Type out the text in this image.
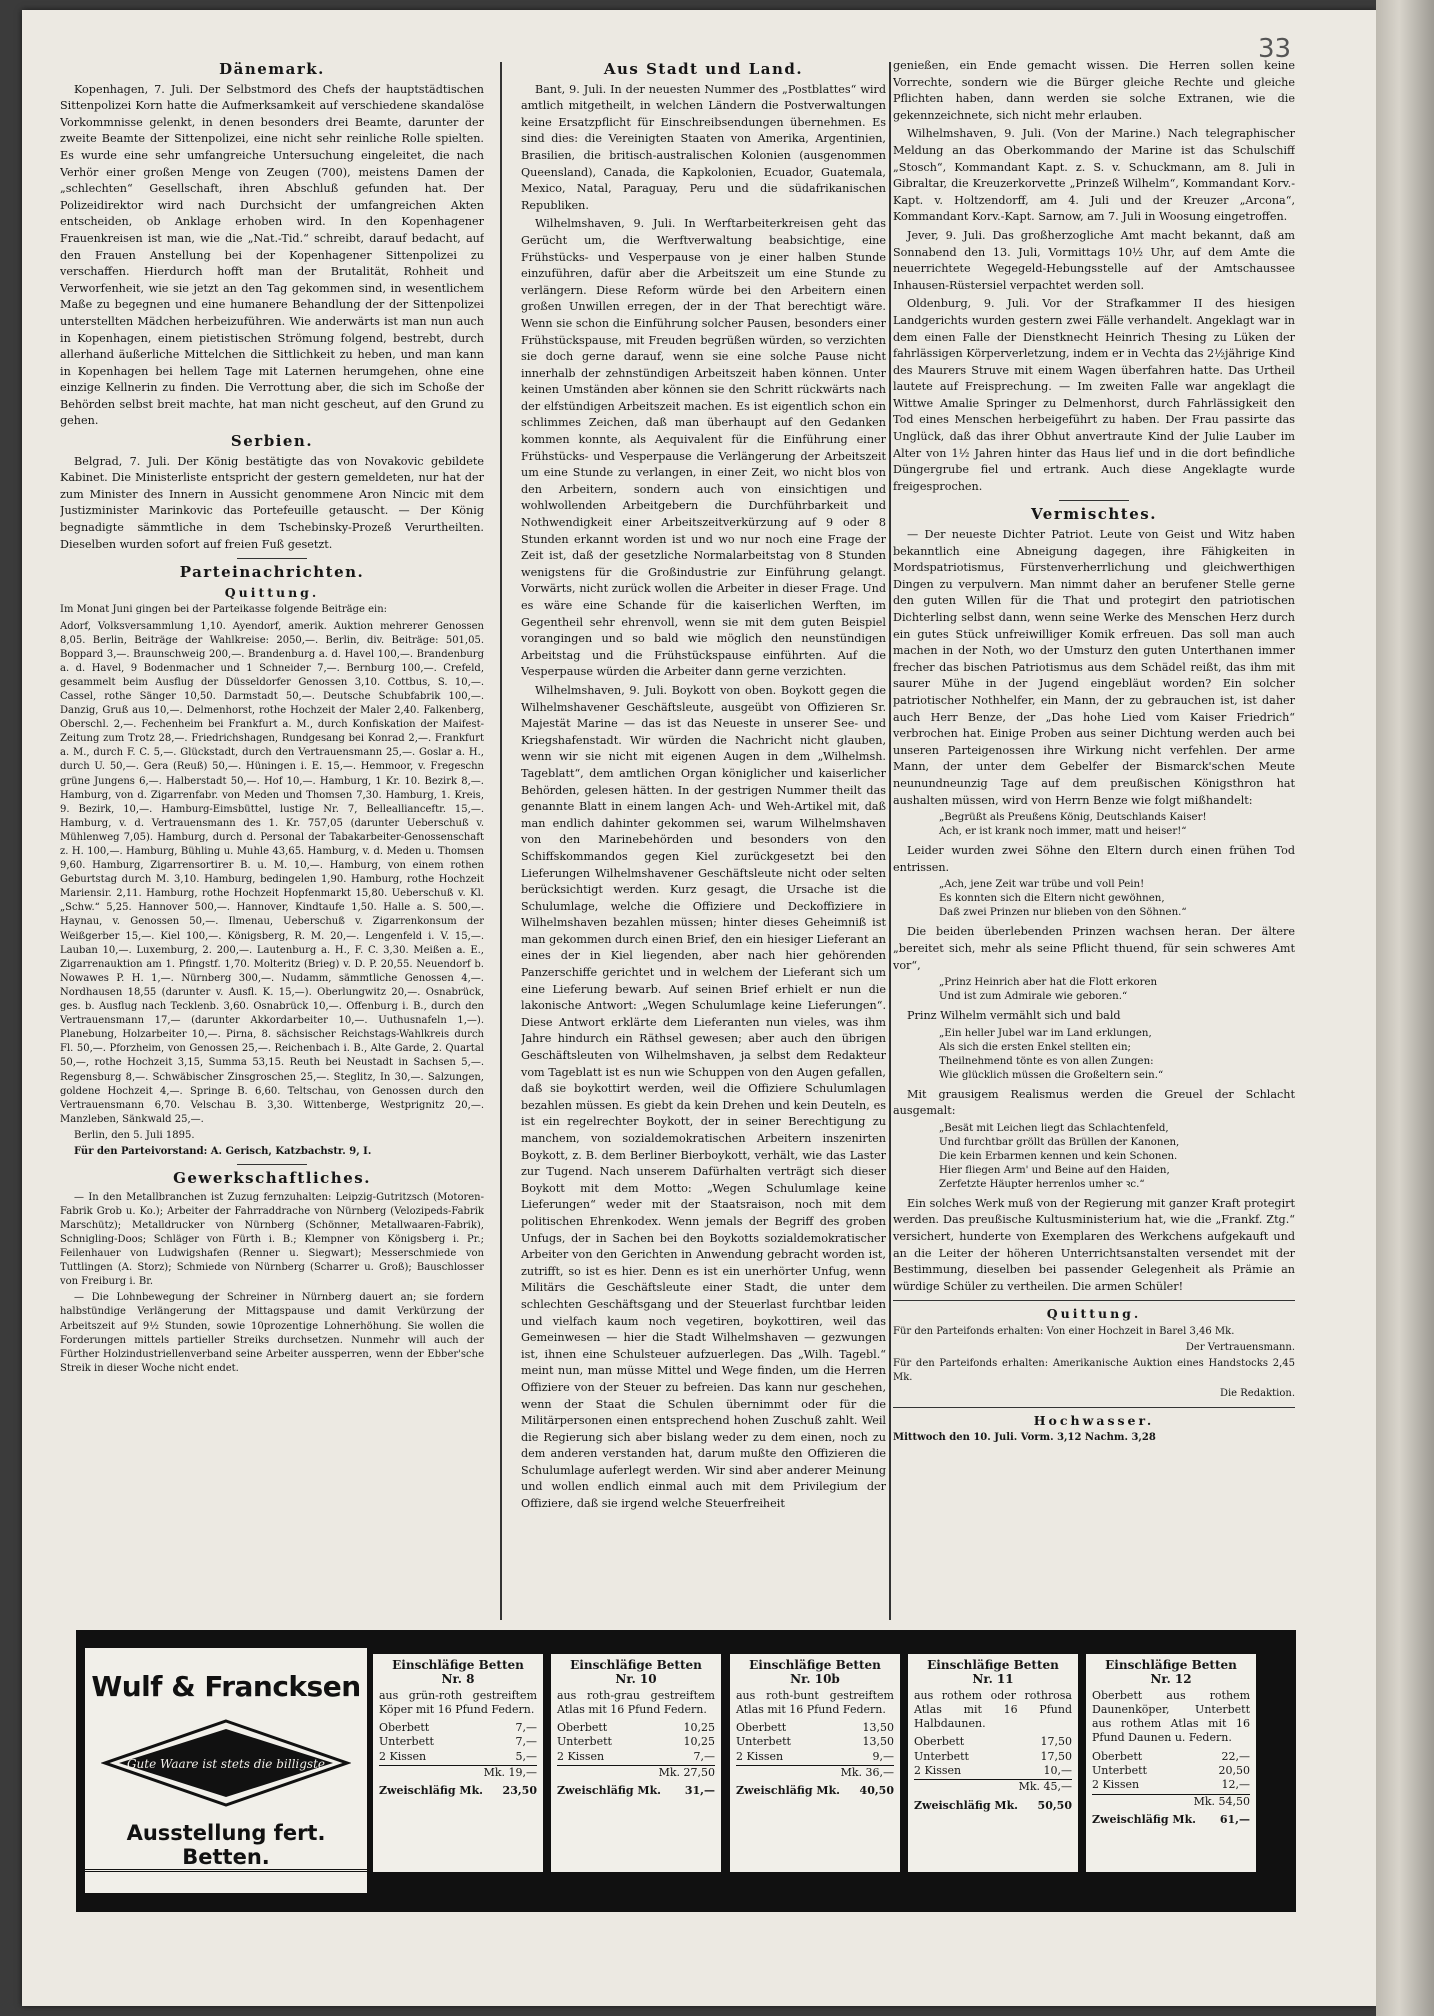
33
Dänemark.

Kopenhagen, 7. Juli. Der Selbstmord des Chefs der hauptstädtischen Sittenpolizei Korn hatte die Aufmerksamkeit auf verschiedene skandalöse Vorkommnisse gelenkt, in denen besonders drei Beamte, darunter der zweite Beamte der Sittenpolizei, eine nicht sehr reinliche Rolle spielten. Es wurde eine sehr umfangreiche Untersuchung eingeleitet, die nach Verhör einer großen Menge von Zeugen (700), meistens Damen der „schlechten“ Gesellschaft, ihren Abschluß gefunden hat. Der Polizeidirektor wird nach Durchsicht der umfangreichen Akten entscheiden, ob Anklage erhoben wird. In den Kopenhagener Frauenkreisen ist man, wie die „Nat.-Tid.“ schreibt, darauf bedacht, auf den Frauen Anstellung bei der Kopenhagener Sittenpolizei zu verschaffen. Hierdurch hofft man der Brutalität, Rohheit und Verworfenheit, wie sie jetzt an den Tag gekommen sind, in wesentlichem Maße zu begegnen und eine humanere Behandlung der der Sittenpolizei unterstellten Mädchen herbeizuführen. Wie anderwärts ist man nun auch in Kopenhagen, einem pietistischen Strömung folgend, bestrebt, durch allerhand äußerliche Mittelchen die Sittlichkeit zu heben, und man kann in Kopenhagen bei hellem Tage mit Laternen herumgehen, ohne eine einzige Kellnerin zu finden. Die Verrottung aber, die sich im Schoße der Behörden selbst breit machte, hat man nicht gescheut, auf den Grund zu gehen.

Serbien.

Belgrad, 7. Juli. Der König bestätigte das von Novakovic gebildete Kabinet. Die Ministerliste entspricht der gestern gemeldeten, nur hat der zum Minister des Innern in Aussicht genommene Aron Nincic mit dem Justizminister Marinkovic das Portefeuille getauscht. — Der König begnadigte sämmtliche in dem Tschebinsky-Prozeß Verurtheilten. Dieselben wurden sofort auf freien Fuß gesetzt.

Parteinachrichten.
Quittung.

Im Monat Juni gingen bei der Parteikasse folgende Beiträge ein:

Adorf, Volksversammlung 1,10. Ayendorf, amerik. Auktion mehrerer Genossen 8,05. Berlin, Beiträge der Wahlkreise: 2050,—. Berlin, div. Beiträge: 501,05. Boppard 3,—. Braunschweig 200,—. Brandenburg a. d. Havel 100,—. Brandenburg a. d. Havel, 9 Bodenmacher und 1 Schneider 7,—. Bernburg 100,—. Crefeld, gesammelt beim Ausflug der Düsseldorfer Genossen 3,10. Cottbus, S. 10,—. Cassel, rothe Sänger 10,50. Darmstadt 50,—. Deutsche Schubfabrik 100,—. Danzig, Gruß aus 10,—. Delmenhorst, rothe Hochzeit der Maler 2,40. Falkenberg, Oberschl. 2,—. Fechenheim bei Frankfurt a. M., durch Konfiskation der Maifest-Zeitung zum Trotz 28,—. Friedrichshagen, Rundgesang bei Konrad 2,—. Frankfurt a. M., durch F. C. 5,—. Glückstadt, durch den Vertrauensmann 25,—. Goslar a. H., durch U. 50,—. Gera (Reuß) 50,—. Hüningen i. E. 15,—. Hemmoor, v. Fregeschn grüne Jungens 6,—. Halberstadt 50,—. Hof 10,—. Hamburg, 1 Kr. 10. Bezirk 8,—. Hamburg, von d. Zigarrenfabr. von Meden und Thomsen 7,30. Hamburg, 1. Kreis, 9. Bezirk, 10,—. Hamburg-Eimsbüttel, lustige Nr. 7, Belleallianceftr. 15,—. Hamburg, v. d. Vertrauensmann des 1. Kr. 757,05 (darunter Ueberschuß v. Mühlenweg 7,05). Hamburg, durch d. Personal der Tabakarbeiter-Genossenschaft z. H. 100,—. Hamburg, Bühling u. Muhle 43,65. Hamburg, v. d. Meden u. Thomsen 9,60. Hamburg, Zigarrensortirer B. u. M. 10,—. Hamburg, von einem rothen Geburtstag durch M. 3,10. Hamburg, bedingelen 1,90. Hamburg, rothe Hochzeit Mariensir. 2,11. Hamburg, rothe Hochzeit Hopfenmarkt 15,80. Ueberschuß v. Kl. „Schw.“ 5,25. Hannover 500,—. Hannover, Kindtaufe 1,50. Halle a. S. 500,—. Haynau, v. Genossen 50,—. Ilmenau, Ueberschuß v. Zigarrenkonsum der Weißgerber 15,—. Kiel 100,—. Königsberg, R. M. 20,—. Lengenfeld i. V. 15,—. Lauban 10,—. Luxemburg, 2. 200,—. Lautenburg a. H., F. C. 3,30. Meißen a. E., Zigarrenauktion am 1. Pfingstf. 1,70. Molteritz (Brieg) v. D. P. 20,55. Neuendorf b. Nowawes P. H. 1,—. Nürnberg 300,—. Nudamm, sämmtliche Genossen 4,—. Nordhausen 18,55 (darunter v. Ausfl. K. 15,—). Oberlungwitz 20,—. Osnabrück, ges. b. Ausflug nach Tecklenb. 3,60. Osnabrück 10,—. Offenburg i. B., durch den Vertrauensmann 17,— (darunter Akkordarbeiter 10,—. Uuthusnafeln 1,—). Planebung, Holzarbeiter 10,—. Pirna, 8. sächsischer Reichstags-Wahlkreis durch Fl. 50,—. Pforzheim, von Genossen 25,—. Reichenbach i. B., Alte Garde, 2. Quartal 50,—, rothe Hochzeit 3,15, Summa 53,15. Reuth bei Neustadt in Sachsen 5,—. Regensburg 8,—. Schwäbischer Zinsgroschen 25,—. Steglitz, In 30,—. Salzungen, goldene Hochzeit 4,—. Springe B. 6,60. Teltschau, von Genossen durch den Vertrauensmann 6,70. Velschau B. 3,30. Wittenberge, Westprignitz 20,—. Manzleben, Sänkwald 25,—.

Berlin, den 5. Juli 1895.

Für den Parteivorstand: A. Gerisch, Katzbachstr. 9, I.

Gewerkschaftliches.

— In den Metallbranchen ist Zuzug fernzuhalten: Leipzig-Gutritzsch (Motoren-Fabrik Grob u. Ko.); Arbeiter der Fahrraddrache von Nürnberg (Velozipeds-Fabrik Marschütz); Metalldrucker von Nürnberg (Schönner, Metallwaaren-Fabrik), Schnigling-Doos; Schläger von Fürth i. B.; Klempner von Königsberg i. Pr.; Feilenhauer von Ludwigshafen (Renner u. Siegwart); Messerschmiede von Tuttlingen (A. Storz); Schmiede von Nürnberg (Scharrer u. Groß); Bauschlosser von Freiburg i. Br.

— Die Lohnbewegung der Schreiner in Nürnberg dauert an; sie fordern halbstündige Verlängerung der Mittagspause und damit Verkürzung der Arbeitszeit auf 9½ Stunden, sowie 10prozentige Lohnerhöhung. Sie wollen die Forderungen mittels partieller Streiks durchsetzen. Nunmehr will auch der Fürther Holzindustriellenverband seine Arbeiter aussperren, wenn der Ebber'sche Streik in dieser Woche nicht endet.

Aus Stadt und Land.

Bant, 9. Juli. In der neuesten Nummer des „Postblattes“ wird amtlich mitgetheilt, in welchen Ländern die Postverwaltungen keine Ersatzpflicht für Einschreibsendungen übernehmen. Es sind dies: die Vereinigten Staaten von Amerika, Argentinien, Brasilien, die britisch-australischen Kolonien (ausgenommen Queensland), Canada, die Kapkolonien, Ecuador, Guatemala, Mexico, Natal, Paraguay, Peru und die südafrikanischen Republiken.

Wilhelmshaven, 9. Juli. In Werftarbeiterkreisen geht das Gerücht um, die Werftverwaltung beabsichtige, eine Frühstücks- und Vesperpause von je einer halben Stunde einzuführen, dafür aber die Arbeitszeit um eine Stunde zu verlängern. Diese Reform würde bei den Arbeitern einen großen Unwillen erregen, der in der That berechtigt wäre. Wenn sie schon die Einführung solcher Pausen, besonders einer Frühstückspause, mit Freuden begrüßen würden, so verzichten sie doch gerne darauf, wenn sie eine solche Pause nicht innerhalb der zehnstündigen Arbeitszeit haben können. Unter keinen Umständen aber können sie den Schritt rückwärts nach der elfstündigen Arbeitszeit machen. Es ist eigentlich schon ein schlimmes Zeichen, daß man überhaupt auf den Gedanken kommen konnte, als Aequivalent für die Einführung einer Frühstücks- und Vesperpause die Verlängerung der Arbeitszeit um eine Stunde zu verlangen, in einer Zeit, wo nicht blos von den Arbeitern, sondern auch von einsichtigen und wohlwollenden Arbeitgebern die Durchführbarkeit und Nothwendigkeit einer Arbeitszeitverkürzung auf 9 oder 8 Stunden erkannt worden ist und wo nur noch eine Frage der Zeit ist, daß der gesetzliche Normalarbeitstag von 8 Stunden wenigstens für die Großindustrie zur Einführung gelangt. Vorwärts, nicht zurück wollen die Arbeiter in dieser Frage. Und es wäre eine Schande für die kaiserlichen Werften, im Gegentheil sehr ehrenvoll, wenn sie mit dem guten Beispiel vorangingen und so bald wie möglich den neunstündigen Arbeitstag und die Frühstückspause einführten. Auf die Vesperpause würden die Arbeiter dann gerne verzichten.

Wilhelmshaven, 9. Juli. Boykott von oben. Boykott gegen die Wilhelmshavener Geschäftsleute, ausgeübt von Offizieren Sr. Majestät Marine — das ist das Neueste in unserer See- und Kriegshafenstadt. Wir würden die Nachricht nicht glauben, wenn wir sie nicht mit eigenen Augen in dem „Wilhelmsh. Tageblatt“, dem amtlichen Organ königlicher und kaiserlicher Behörden, gelesen hätten. In der gestrigen Nummer theilt das genannte Blatt in einem langen Ach- und Weh-Artikel mit, daß man endlich dahinter gekommen sei, warum Wilhelmshaven von den Marinebehörden und besonders von den Schiffskommandos gegen Kiel zurückgesetzt bei den Lieferungen Wilhelmshavener Geschäftsleute nicht oder selten berücksichtigt werden. Kurz gesagt, die Ursache ist die Schulumlage, welche die Offiziere und Deckoffiziere in Wilhelmshaven bezahlen müssen; hinter dieses Geheimniß ist man gekommen durch einen Brief, den ein hiesiger Lieferant an eines der in Kiel liegenden, aber nach hier gehörenden Panzerschiffe gerichtet und in welchem der Lieferant sich um eine Lieferung bewarb. Auf seinen Brief erhielt er nun die lakonische Antwort: „Wegen Schulumlage keine Lieferungen“. Diese Antwort erklärte dem Lieferanten nun vieles, was ihm Jahre hindurch ein Räthsel gewesen; aber auch den übrigen Geschäftsleuten von Wilhelmshaven, ja selbst dem Redakteur vom Tageblatt ist es nun wie Schuppen von den Augen gefallen, daß sie boykottirt werden, weil die Offiziere Schulumlagen bezahlen müssen. Es giebt da kein Drehen und kein Deuteln, es ist ein regelrechter Boykott, der in seiner Berechtigung zu manchem, von sozialdemokratischen Arbeitern inszenirten Boykott, z. B. dem Berliner Bierboykott, verhält, wie das Laster zur Tugend. Nach unserem Dafürhalten verträgt sich dieser Boykott mit dem Motto: „Wegen Schulumlage keine Lieferungen“ weder mit der Staatsraison, noch mit dem politischen Ehrenkodex. Wenn jemals der Begriff des groben Unfugs, der in Sachen bei den Boykotts sozialdemokratischer Arbeiter von den Gerichten in Anwendung gebracht worden ist, zutrifft, so ist es hier. Denn es ist ein unerhörter Unfug, wenn Militärs die Geschäftsleute einer Stadt, die unter dem schlechten Geschäftsgang und der Steuerlast furchtbar leiden und vielfach kaum noch vegetiren, boykottiren, weil das Gemeinwesen — hier die Stadt Wilhelmshaven — gezwungen ist, ihnen eine Schulsteuer aufzuerlegen. Das „Wilh. Tagebl.“ meint nun, man müsse Mittel und Wege finden, um die Herren Offiziere von der Steuer zu befreien. Das kann nur geschehen, wenn der Staat die Schulen übernimmt oder für die Militärpersonen einen entsprechend hohen Zuschuß zahlt. Weil die Regierung sich aber bislang weder zu dem einen, noch zu dem anderen verstanden hat, darum mußte den Offizieren die Schulumlage auferlegt werden. Wir sind aber anderer Meinung und wollen endlich einmal auch mit dem Privilegium der Offiziere, daß sie irgend welche Steuerfreiheit

genießen, ein Ende gemacht wissen. Die Herren sollen keine Vorrechte, sondern wie die Bürger gleiche Rechte und gleiche Pflichten haben, dann werden sie solche Extranen, wie die gekennzeichnete, sich nicht mehr erlauben.

Wilhelmshaven, 9. Juli. (Von der Marine.) Nach telegraphischer Meldung an das Oberkommando der Marine ist das Schulschiff „Stosch“, Kommandant Kapt. z. S. v. Schuckmann, am 8. Juli in Gibraltar, die Kreuzerkorvette „Prinzeß Wilhelm“, Kommandant Korv.-Kapt. v. Holtzendorff, am 4. Juli und der Kreuzer „Arcona“, Kommandant Korv.-Kapt. Sarnow, am 7. Juli in Woosung eingetroffen.

Jever, 9. Juli. Das großherzogliche Amt macht bekannt, daß am Sonnabend den 13. Juli, Vormittags 10½ Uhr, auf dem Amte die neuerrichtete Wegegeld-Hebungsstelle auf der Amtschaussee Inhausen-Rüstersiel verpachtet werden soll.

Oldenburg, 9. Juli. Vor der Strafkammer II des hiesigen Landgerichts wurden gestern zwei Fälle verhandelt. Angeklagt war in dem einen Falle der Dienstknecht Heinrich Thesing zu Lüken der fahrlässigen Körperverletzung, indem er in Vechta das 2½jährige Kind des Maurers Struve mit einem Wagen überfahren hatte. Das Urtheil lautete auf Freisprechung. — Im zweiten Falle war angeklagt die Wittwe Amalie Springer zu Delmenhorst, durch Fahrlässigkeit den Tod eines Menschen herbeigeführt zu haben. Der Frau passirte das Unglück, daß das ihrer Obhut anvertraute Kind der Julie Lauber im Alter von 1½ Jahren hinter das Haus lief und in die dort befindliche Düngergrube fiel und ertrank. Auch diese Angeklagte wurde freigesprochen.

Vermischtes.

— Der neueste Dichter Patriot. Leute von Geist und Witz haben bekanntlich eine Abneigung dagegen, ihre Fähigkeiten in Mordspatriotismus, Fürstenverherrlichung und gleichwerthigen Dingen zu verpulvern. Man nimmt daher an berufener Stelle gerne den guten Willen für die That und protegirt den patriotischen Dichterling selbst dann, wenn seine Werke des Menschen Herz durch ein gutes Stück unfreiwilliger Komik erfreuen. Das soll man auch machen in der Noth, wo der Umsturz den guten Unterthanen immer frecher das bischen Patriotismus aus dem Schädel reißt, das ihm mit saurer Mühe in der Jugend eingebläut worden? Ein solcher patriotischer Nothhelfer, ein Mann, der zu gebrauchen ist, ist daher auch Herr Benze, der „Das hohe Lied vom Kaiser Friedrich“ verbrochen hat. Einige Proben aus seiner Dichtung werden auch bei unseren Parteigenossen ihre Wirkung nicht verfehlen. Der arme Mann, der unter dem Gebelfer der Bismarck'schen Meute neunundneunzig Tage auf dem preußischen Königsthron hat aushalten müssen, wird von Herrn Benze wie folgt mißhandelt:

„Begrüßt als Preußens König, Deutschlands Kaiser!
Ach, er ist krank noch immer, matt und heiser!“

Leider wurden zwei Söhne den Eltern durch einen frühen Tod entrissen.

„Ach, jene Zeit war trübe und voll Pein!
Es konnten sich die Eltern nicht gewöhnen,
Daß zwei Prinzen nur blieben von den Söhnen.“

Die beiden überlebenden Prinzen wachsen heran. Der ältere „bereitet sich, mehr als seine Pflicht thuend, für sein schweres Amt vor“,

„Prinz Heinrich aber hat die Flott erkoren
Und ist zum Admirale wie geboren.“

Prinz Wilhelm vermählt sich und bald

„Ein heller Jubel war im Land erklungen,
Als sich die ersten Enkel stellten ein;
Theilnehmend tönte es von allen Zungen:
Wie glücklich müssen die Großeltern sein.“

Mit grausigem Realismus werden die Greuel der Schlacht ausgemalt:

„Besät mit Leichen liegt das Schlachtenfeld,
Und furchtbar gröllt das Brüllen der Kanonen,
Die kein Erbarmen kennen und kein Schonen.
Hier fliegen Arm' und Beine auf den Haiden,
Zerfetzte Häupter herrenlos umher ꝛc.“

Ein solches Werk muß von der Regierung mit ganzer Kraft protegirt werden. Das preußische Kultusministerium hat, wie die „Frankf. Ztg.“ versichert, hunderte von Exemplaren des Werkchens aufgekauft und an die Leiter der höheren Unterrichtsanstalten versendet mit der Bestimmung, dieselben bei passender Gelegenheit als Prämie an würdige Schüler zu vertheilen. Die armen Schüler!

Quittung.

Für den Parteifonds erhalten: Von einer Hochzeit in Barel 3,46 Mk.

Der Vertrauensmann.

Für den Parteifonds erhalten: Amerikanische Auktion eines Handstocks 2,45 Mk.

Die Redaktion.

Hochwasser.

Mittwoch den 10. Juli. Vorm. 3,12 Nachm. 3,28

Wulf & Francksen
Gute Waare ist stets die billigste
Ausstellung fert. Betten.
Einschläfige Betten
Nr. 8
aus grün-roth gestreiftem Köper mit 16 Pfund Federn.
Oberbett	7,—
Unterbett	7,—
2 Kissen	5,—
Mk. 19,—
Zweischläfig Mk. 23,50
Einschläfige Betten
Nr. 10
aus roth-grau gestreiftem Atlas mit 16 Pfund Federn.
Oberbett	10,25
Unterbett	10,25
2 Kissen	7,—
Mk. 27,50
Zweischläfig Mk. 31,—
Einschläfige Betten
Nr. 10b
aus roth-bunt gestreiftem Atlas mit 16 Pfund Federn.
Oberbett	13,50
Unterbett	13,50
2 Kissen	9,—
Mk. 36,—
Zweischläfig Mk. 40,50
Einschläfige Betten
Nr. 11
aus rothem oder rothrosa Atlas mit 16 Pfund Halbdaunen.
Oberbett	17,50
Unterbett	17,50
2 Kissen	10,—
Mk. 45,—
Zweischläfig Mk. 50,50
Einschläfige Betten
Nr. 12
Oberbett aus rothem Daunenköper, Unterbett aus rothem Atlas mit 16 Pfund Daunen u. Federn.
Oberbett	22,—
Unterbett	20,50
2 Kissen	12,—
Mk. 54,50
Zweischläfig Mk. 61,—
